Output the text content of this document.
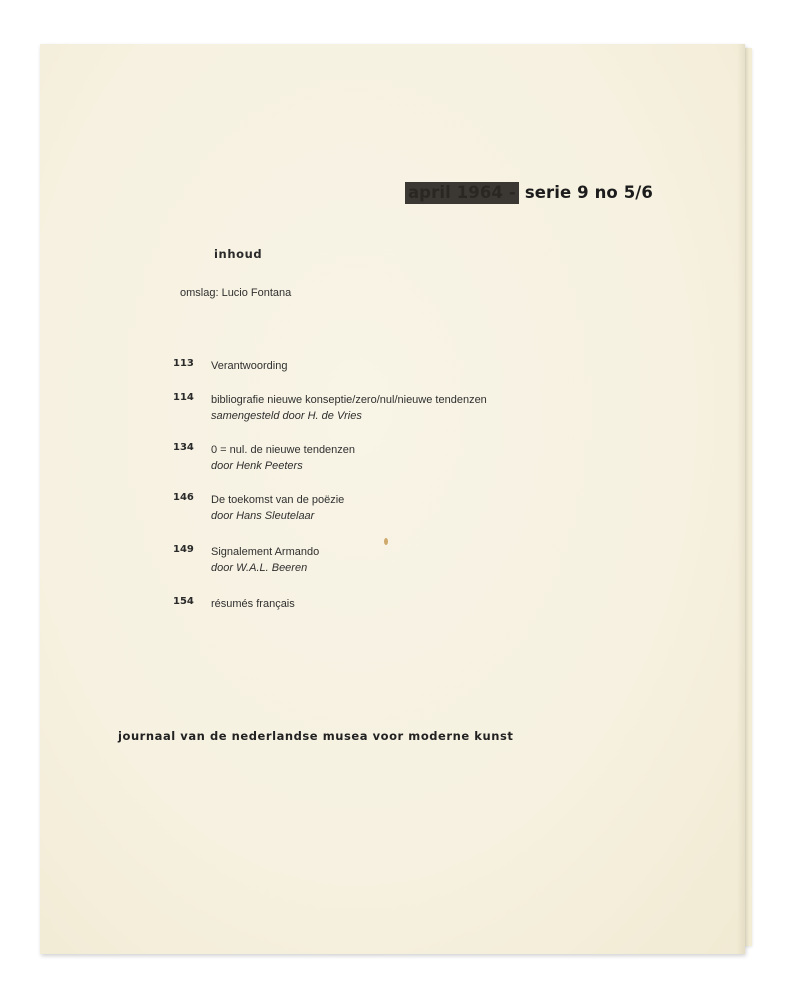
april 1964 - serie 9 no 5/6
inhoud
omslag: Lucio Fontana
113	Verantwoording
114	bibliografie nieuwe konseptie/zero/nul/nieuwe tendenzen
samengesteld door H. de Vries
134	0 = nul. de nieuwe tendenzen
door Henk Peeters
146	De toekomst van de poëzie
door Hans Sleutelaar
149	Signalement Armando
door W.A.L. Beeren
154	résumés français
journaal van de nederlandse musea voor moderne kunst
